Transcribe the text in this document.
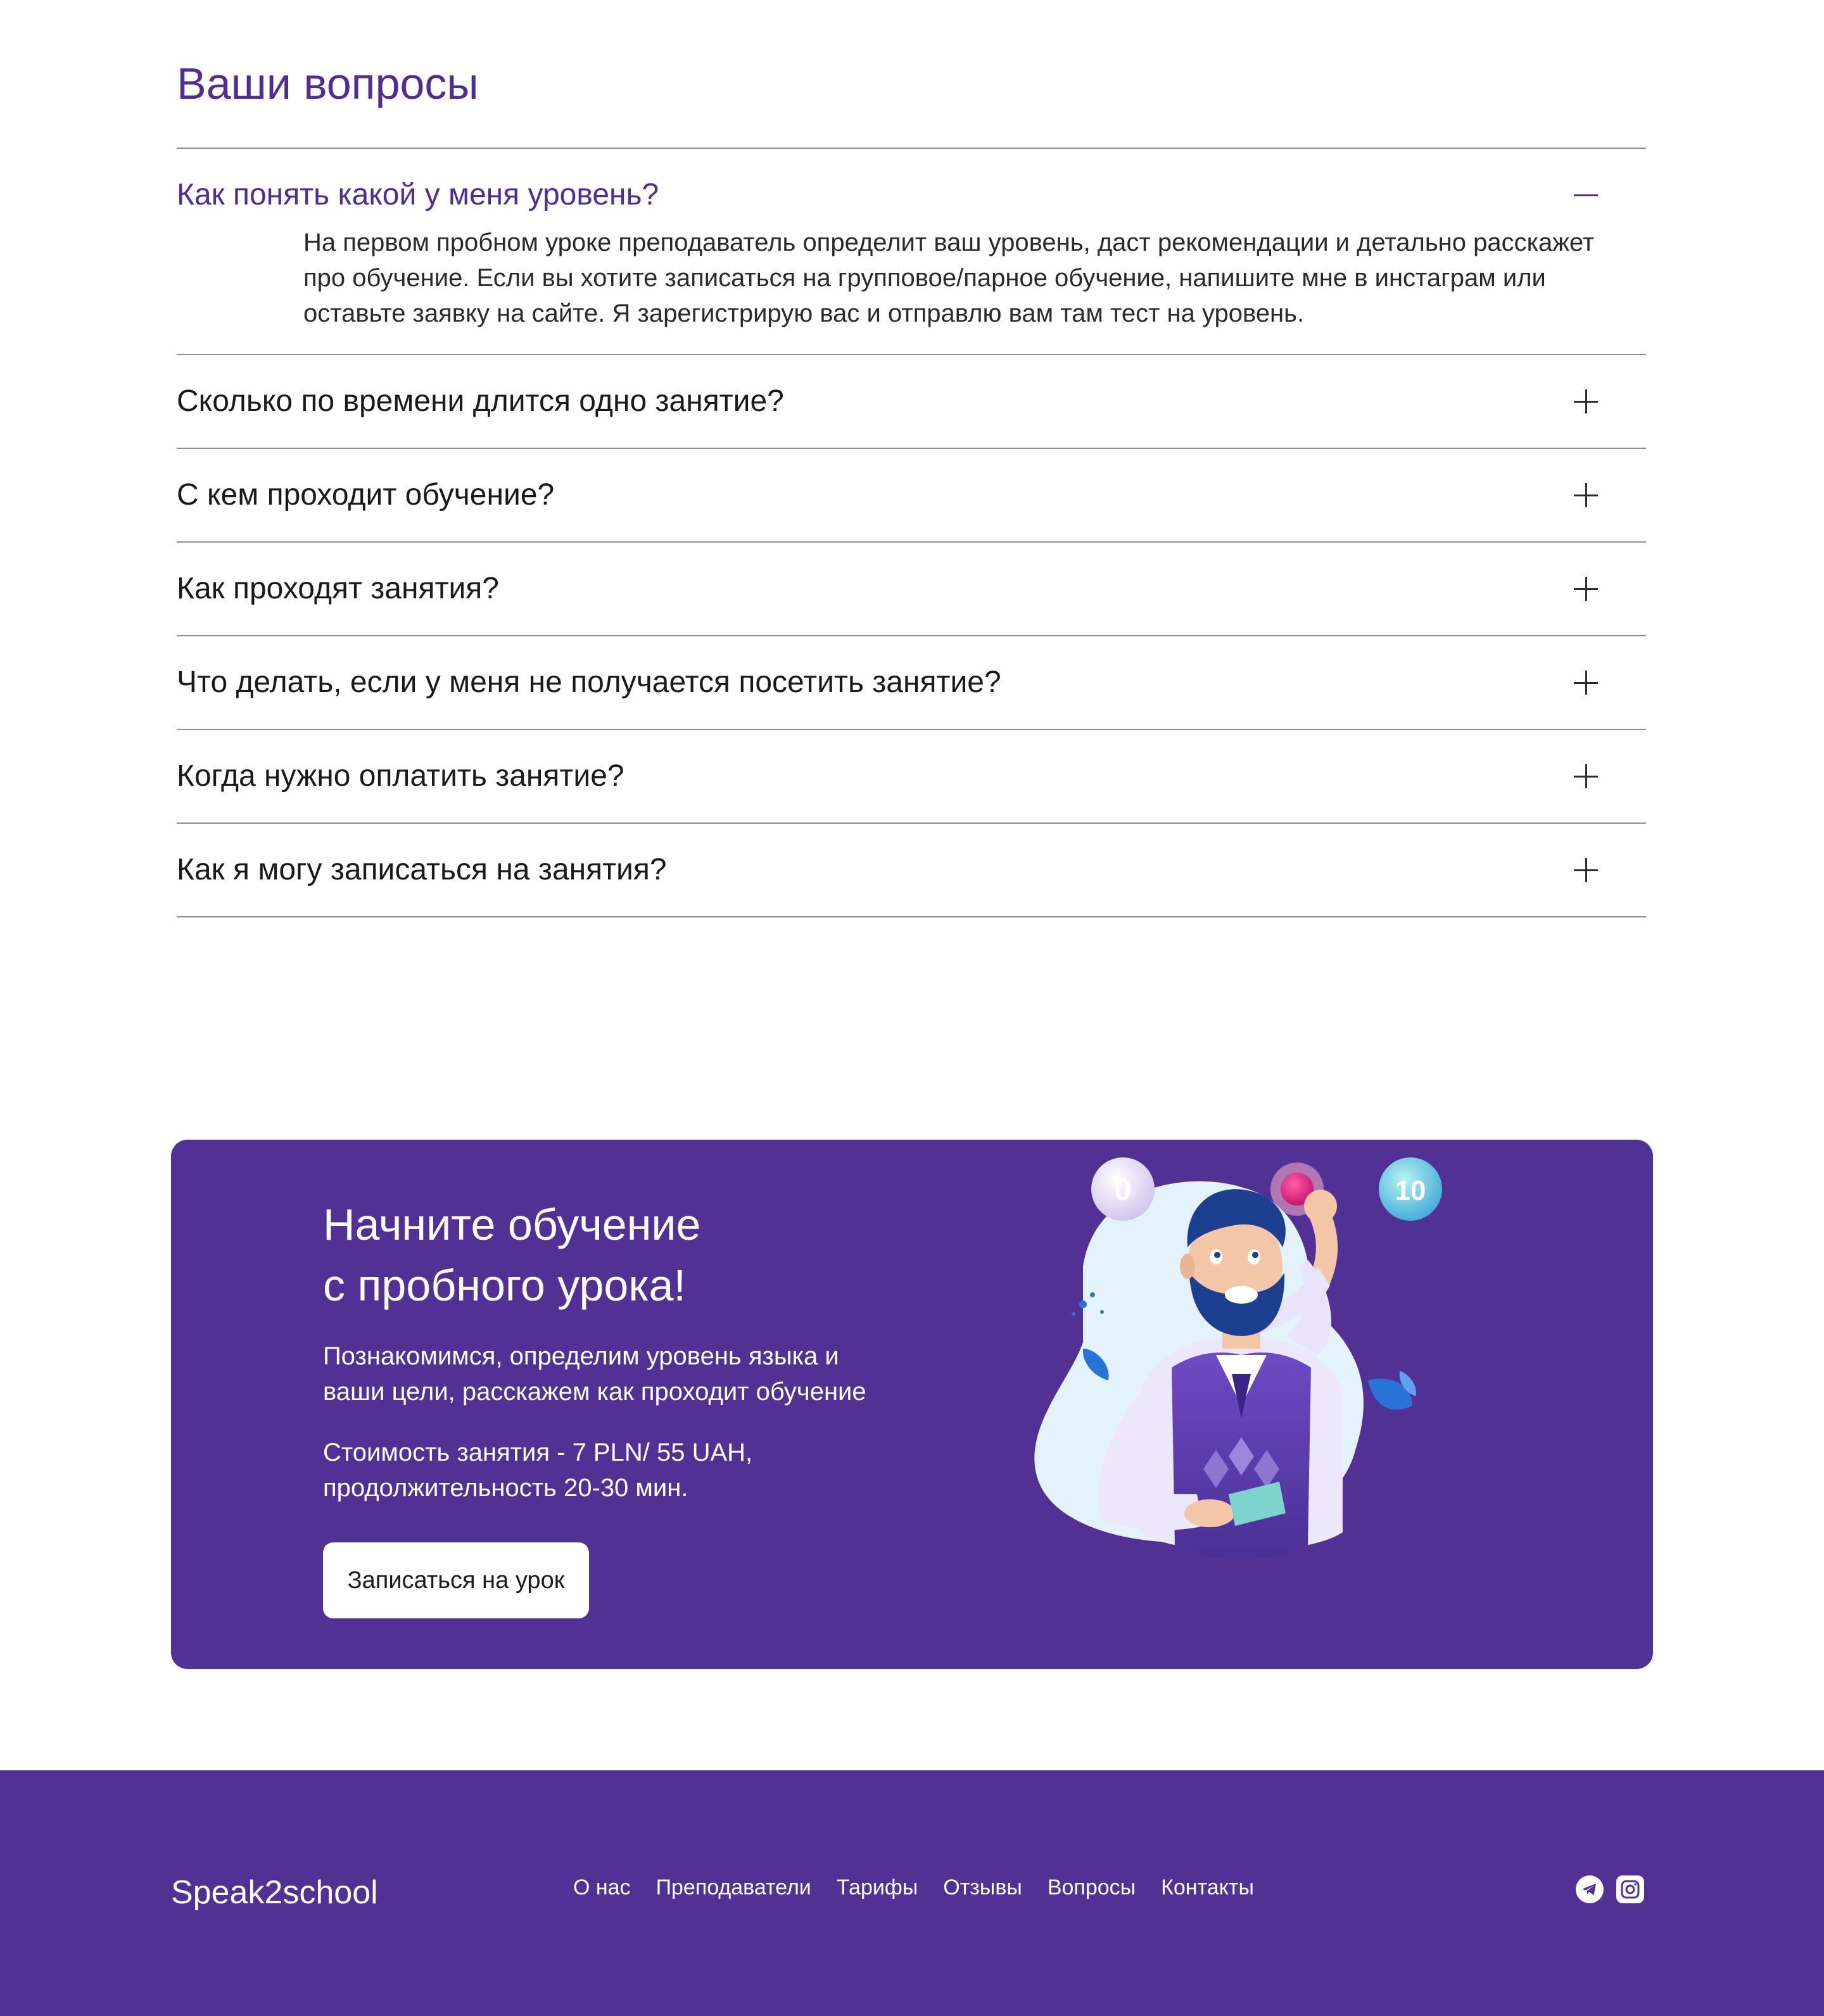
Ваши вопросы
Как понять какой у меня уровень?
На первом пробном уроке преподаватель определит ваш уровень, даст рекомендации и детально расскажет про обучение. Если вы хотите записаться на групповое/парное обучение, напишите мне в инстаграм или оставьте заявку на сайте. Я зарегистрирую вас и отправлю вам там тест на уровень.
Сколько по времени длится одно занятие?
С кем проходит обучение?
Как проходят занятия?
Что делать, если у меня не получается посетить занятие?
Когда нужно оплатить занятие?
Как я могу записаться на занятия?
Начните обучение
с пробного урока!

Познакомимся, определим уровень языка и
ваши цели, расскажем как проходит обучение

Стоимость занятия - 7 PLN/ 55 UAH,
продолжительность 20-30 мин.

Записаться на урок
0	10
Speak2school	О нас Преподаватели Тарифы Отзывы Вопросы Контакты
